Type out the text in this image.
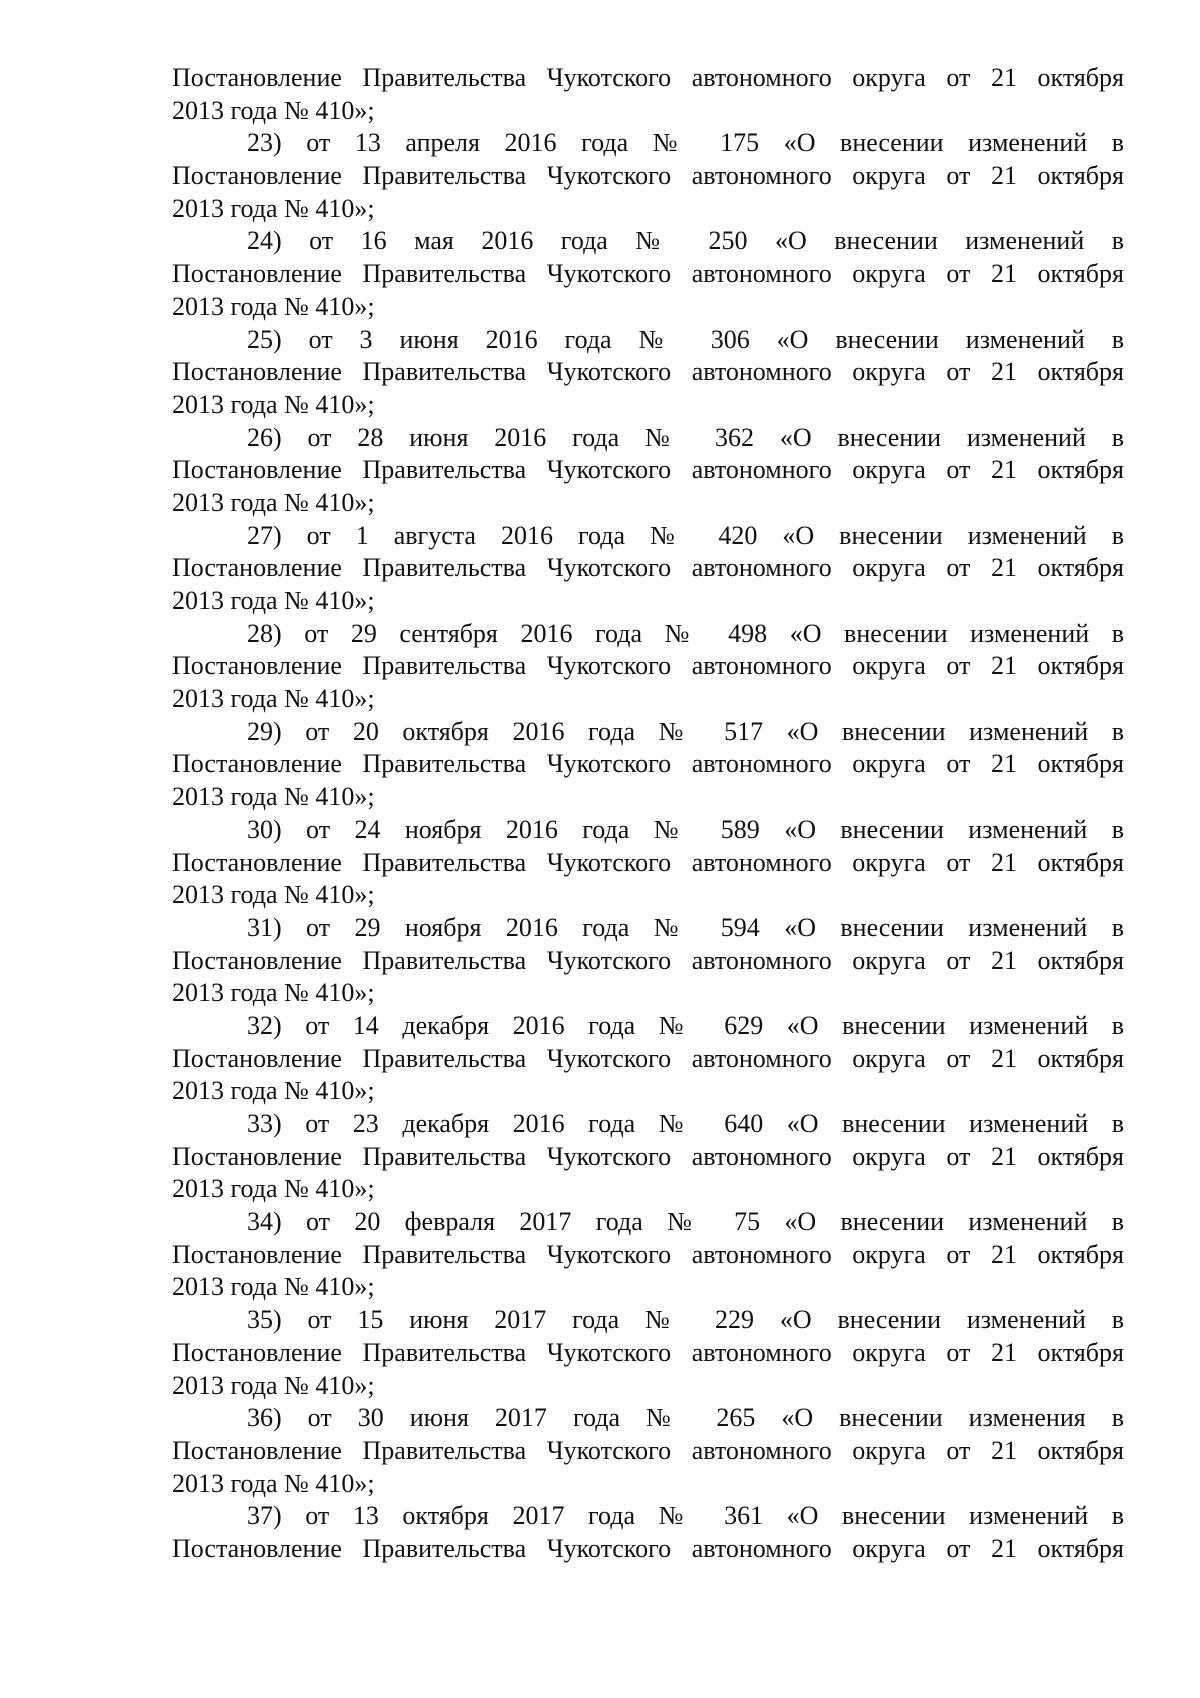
Постановление Правительства Чукотского автономного округа от 21 октября
2013 года № 410»;
23) от 13 апреля 2016 года № 175 «О внесении изменений в
Постановление Правительства Чукотского автономного округа от 21 октября
2013 года № 410»;
24) от 16 мая 2016 года № 250 «О внесении изменений в
Постановление Правительства Чукотского автономного округа от 21 октября
2013 года № 410»;
25) от 3 июня 2016 года № 306 «О внесении изменений в
Постановление Правительства Чукотского автономного округа от 21 октября
2013 года № 410»;
26) от 28 июня 2016 года № 362 «О внесении изменений в
Постановление Правительства Чукотского автономного округа от 21 октября
2013 года № 410»;
27) от 1 августа 2016 года № 420 «О внесении изменений в
Постановление Правительства Чукотского автономного округа от 21 октября
2013 года № 410»;
28) от 29 сентября 2016 года № 498 «О внесении изменений в
Постановление Правительства Чукотского автономного округа от 21 октября
2013 года № 410»;
29) от 20 октября 2016 года № 517 «О внесении изменений в
Постановление Правительства Чукотского автономного округа от 21 октября
2013 года № 410»;
30) от 24 ноября 2016 года № 589 «О внесении изменений в
Постановление Правительства Чукотского автономного округа от 21 октября
2013 года № 410»;
31) от 29 ноября 2016 года № 594 «О внесении изменений в
Постановление Правительства Чукотского автономного округа от 21 октября
2013 года № 410»;
32) от 14 декабря 2016 года № 629 «О внесении изменений в
Постановление Правительства Чукотского автономного округа от 21 октября
2013 года № 410»;
33) от 23 декабря 2016 года № 640 «О внесении изменений в
Постановление Правительства Чукотского автономного округа от 21 октября
2013 года № 410»;
34) от 20 февраля 2017 года № 75 «О внесении изменений в
Постановление Правительства Чукотского автономного округа от 21 октября
2013 года № 410»;
35) от 15 июня 2017 года № 229 «О внесении изменений в
Постановление Правительства Чукотского автономного округа от 21 октября
2013 года № 410»;
36) от 30 июня 2017 года № 265 «О внесении изменения в
Постановление Правительства Чукотского автономного округа от 21 октября
2013 года № 410»;
37) от 13 октября 2017 года № 361 «О внесении изменений в
Постановление Правительства Чукотского автономного округа от 21 октября
